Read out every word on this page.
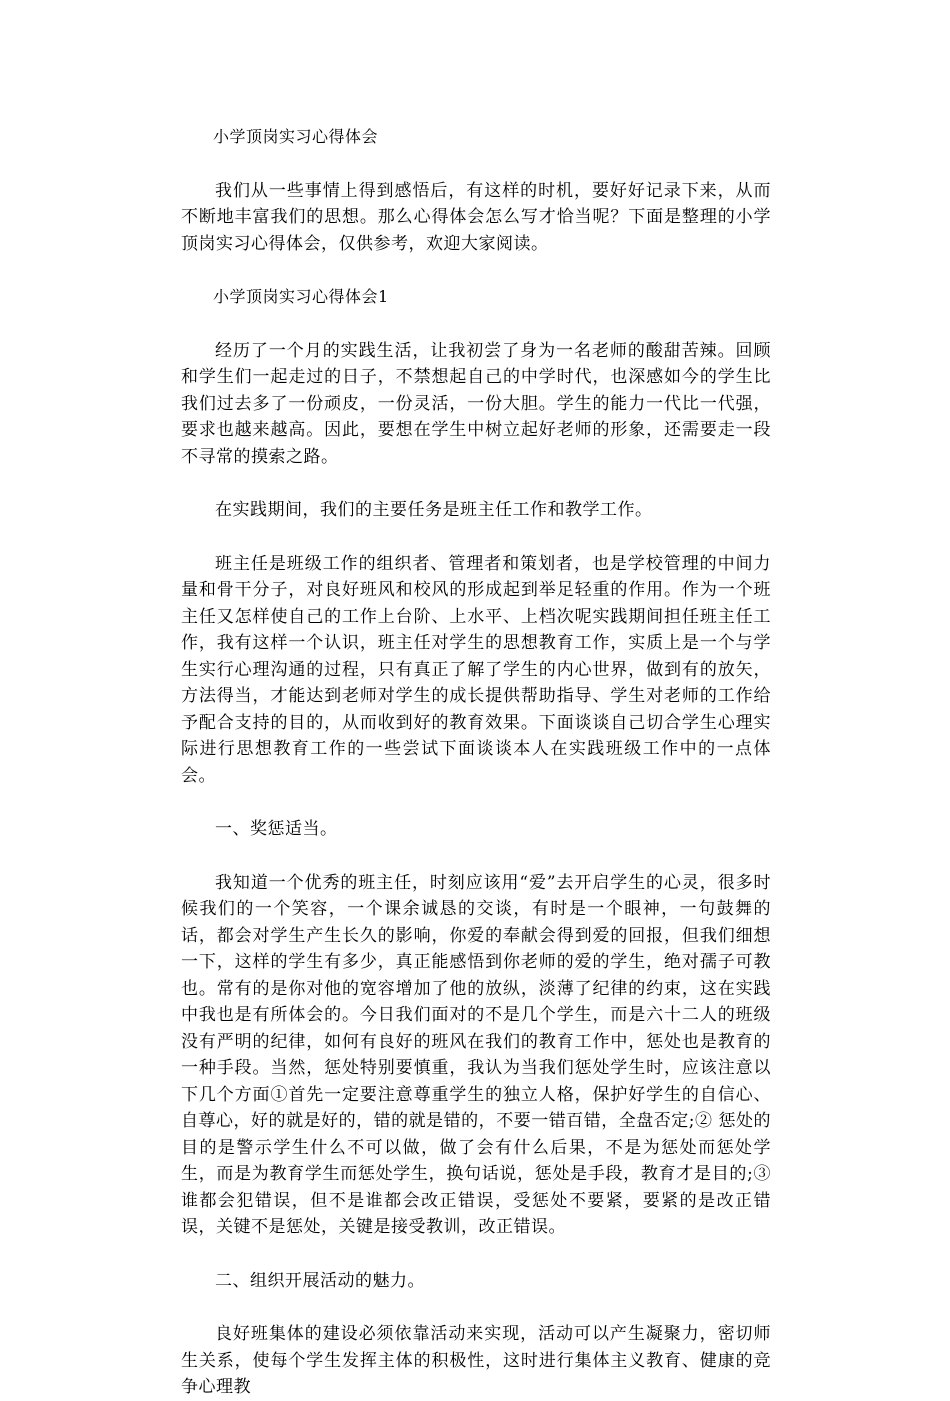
小学顶岗实习心得体会

我们从一些事情上得到感悟后，有这样的时机，要好好记录下来，从而不断地丰富我们的思想。那么心得体会怎么写才恰当呢？下面是整理的小学顶岗实习心得体会，仅供参考，欢迎大家阅读。

小学顶岗实习心得体会1

经历了一个月的实践生活，让我初尝了身为一名老师的酸甜苦辣。回顾和学生们一起走过的日子，不禁想起自己的中学时代，也深感如今的学生比我们过去多了一份顽皮，一份灵活，一份大胆。学生的能力一代比一代强，要求也越来越高。因此，要想在学生中树立起好老师的形象，还需要走一段不寻常的摸索之路。

在实践期间，我们的主要任务是班主任工作和教学工作。

班主任是班级工作的组织者、管理者和策划者，也是学校管理的中间力量和骨干分子，对良好班风和校风的形成起到举足轻重的作用。作为一个班主任又怎样使自己的工作上台阶、上水平、上档次呢实践期间担任班主任工作，我有这样一个认识，班主任对学生的思想教育工作，实质上是一个与学生实行心理沟通的过程，只有真正了解了学生的内心世界，做到有的放矢，方法得当，才能达到老师对学生的成长提供帮助指导、学生对老师的工作给予配合支持的目的，从而收到好的教育效果。下面谈谈自己切合学生心理实际进行思想教育工作的一些尝试下面谈谈本人在实践班级工作中的一点体会。

一、奖惩适当。

我知道一个优秀的班主任，时刻应该用“爱”去开启学生的心灵，很多时候我们的一个笑容，一个课余诚恳的交谈，有时是一个眼神，一句鼓舞的话，都会对学生产生长久的影响，你爱的奉献会得到爱的回报，但我们细想一下，这样的学生有多少，真正能感悟到你老师的爱的学生，绝对孺子可教也。常有的是你对他的宽容增加了他的放纵，淡薄了纪律的约束，这在实践中我也是有所体会的。今日我们面对的不是几个学生，而是六十二人的班级没有严明的纪律，如何有良好的班风在我们的教育工作中，惩处也是教育的一种手段。当然，惩处特别要慎重，我认为当我们惩处学生时，应该注意以下几个方面①首先一定要注意尊重学生的独立人格，保护好学生的自信心、自尊心，好的就是好的，错的就是错的，不要一错百错，全盘否定;② 惩处的目的是警示学生什么不可以做，做了会有什么后果，不是为惩处而惩处学生，而是为教育学生而惩处学生，换句话说，惩处是手段，教育才是目的;③ 谁都会犯错误，但不是谁都会改正错误，受惩处不要紧，要紧的是改正错误，关键不是惩处，关键是接受教训，改正错误。

二、组织开展活动的魅力。

良好班集体的建设必须依靠活动来实现，活动可以产生凝聚力，密切师生关系，使每个学生发挥主体的积极性，这时进行集体主义教育、健康的竞争心理教
